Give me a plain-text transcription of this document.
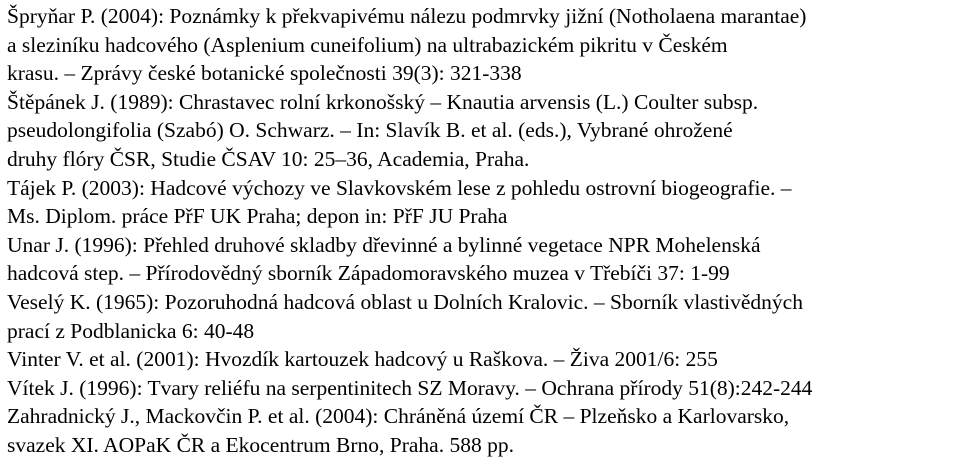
Špryňar P. (2004): Poznámky k překvapivému nálezu podmrvky jižní (Notholaena marantae)
a sleziníku hadcového (Asplenium cuneifolium) na ultrabazickém pikritu v Českém
krasu. – Zprávy české botanické společnosti 39(3): 321-338

Štěpánek J. (1989): Chrastavec rolní krkonošský – Knautia arvensis (L.) Coulter subsp.
pseudolongifolia (Szabó) O. Schwarz. – In: Slavík B. et al. (eds.), Vybrané ohrožené
druhy flóry ČSR, Studie ČSAV 10: 25–36, Academia, Praha.

Tájek P. (2003): Hadcové výchozy ve Slavkovském lese z pohledu ostrovní biogeografie. –
Ms. Diplom. práce PřF UK Praha; depon in: PřF JU Praha

Unar J. (1996): Přehled druhové skladby dřevinné a bylinné vegetace NPR Mohelenská
hadcová step. – Přírodovědný sborník Západomoravského muzea v Třebíči 37: 1-99

Veselý K. (1965): Pozoruhodná hadcová oblast u Dolních Kralovic. – Sborník vlastivědných
prací z Podblanicka 6: 40-48

Vinter V. et al. (2001): Hvozdík kartouzek hadcový u Raškova. – Živa 2001/6: 255

Vítek J. (1996): Tvary reliéfu na serpentinitech SZ Moravy. – Ochrana přírody 51(8):242-244

Zahradnický J., Mackovčin P. et al. (2004): Chráněná území ČR – Plzeňsko a Karlovarsko,
svazek XI. AOPaK ČR a Ekocentrum Brno, Praha. 588 pp.
